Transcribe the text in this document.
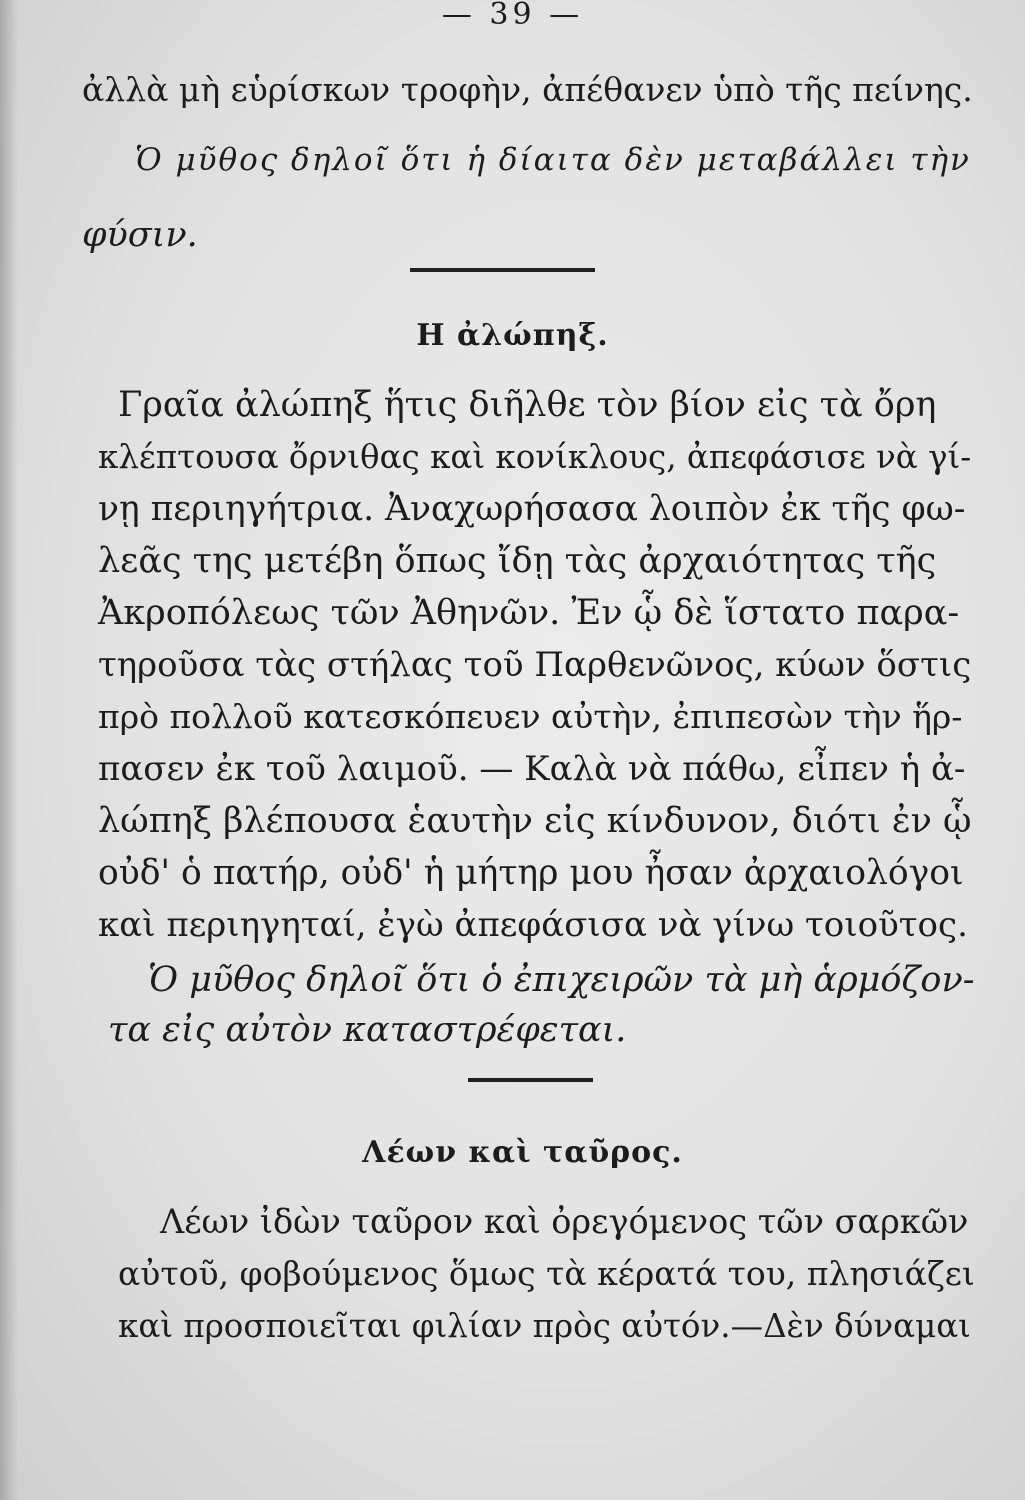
— 39 —
ἀλλὰ μὴ εὑρίσκων τροφὴν, ἀπέθανεν ὑπὸ τῆς πείνης.
Ὁ μῦθος δηλοῖ ὅτι ἡ δίαιτα δὲν μεταβάλλει τὴν
φύσιν.
Η ἀλώπηξ.
Γραῖα ἀλώπηξ ἥτις διῆλθε τὸν βίον εἰς τὰ ὄρη
κλέπτουσα ὄρνιθας καὶ κονίκλους, ἀπεφάσισε νὰ γί-
νῃ περιηγήτρια. Ἀναχωρήσασα λοιπὸν ἐκ τῆς φω-
λεᾶς της μετέβη ὅπως ἴδῃ τὰς ἀρχαιότητας τῆς
Ἀκροπόλεως τῶν Ἀθηνῶν. Ἐν ᾧ δὲ ἵστατο παρα-
τηροῦσα τὰς στήλας τοῦ Παρθενῶνος, κύων ὅστις
πρὸ πολλοῦ κατεσκόπευεν αὐτὴν, ἐπιπεσὼν τὴν ἥρ-
πασεν ἐκ τοῦ λαιμοῦ. — Καλὰ νὰ πάθω, εἶπεν ἡ ἀ-
λώπηξ βλέπουσα ἑαυτὴν εἰς κίνδυνον, διότι ἐν ᾧ
οὐδ' ὁ πατήρ, οὐδ' ἡ μήτηρ μου ἦσαν ἀρχαιολόγοι
καὶ περιηγηταί, ἐγὼ ἀπεφάσισα νὰ γίνω τοιοῦτος.
Ὁ μῦθος δηλοῖ ὅτι ὁ ἐπιχειρῶν τὰ μὴ ἁρμόζον-
τα εἰς αὐτὸν καταστρέφεται.
Λέων καὶ ταῦρος.
Λέων ἰδὼν ταῦρον καὶ ὀρεγόμενος τῶν σαρκῶν
αὐτοῦ, φοβούμενος ὅμως τὰ κέρατά του, πλησιάζει
καὶ προσποιεῖται φιλίαν πρὸς αὐτόν.—Δὲν δύναμαι
